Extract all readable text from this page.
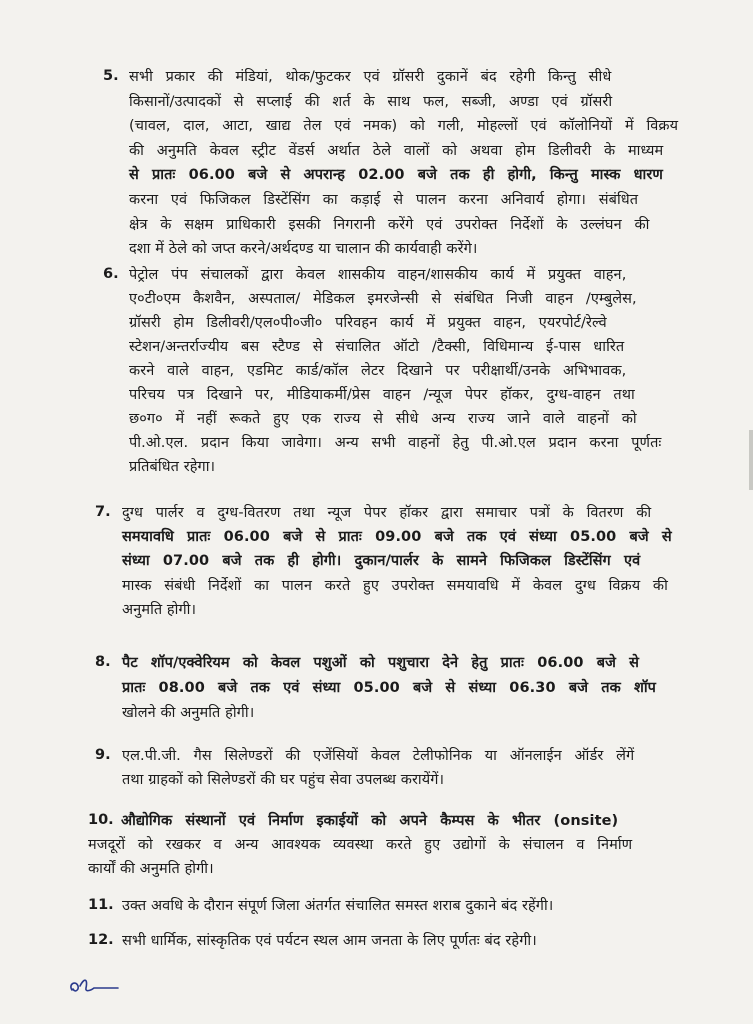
5. सभी प्रकार की मंडियां, थोक/फुटकर एवं ग्रॉसरी दुकानें बंद रहेगी किन्तु सीधे
किसानों/उत्पादकों से सप्लाई की शर्त के साथ फल, सब्जी, अण्डा एवं ग्रॉसरी
(चावल, दाल, आटा, खाद्य तेल एवं नमक) को गली, मोहल्लों एवं कॉलोनियों में विक्रय
की अनुमति केवल स्ट्रीट वेंडर्स अर्थात ठेले वालों को अथवा होम डिलीवरी के माध्यम
से प्रातः 06.00 बजे से अपरान्ह 02.00 बजे तक ही होगी, किन्तु मास्क धारण
करना एवं फिजिकल डिस्टेंसिंग का कड़ाई से पालन करना अनिवार्य होगा। संबंधित
क्षेत्र के सक्षम प्राधिकारी इसकी निगरानी करेंगे एवं उपरोक्त निर्देशों के उल्लंघन की
दशा में ठेले को जप्त करने/अर्थदण्ड या चालान की कार्यवाही करेंगे।
6. पेट्रोल पंप संचालकों द्वारा केवल शासकीय वाहन/शासकीय कार्य में प्रयुक्त वाहन,
ए०टी०एम कैशवैन, अस्पताल/ मेडिकल इमरजेन्सी से संबंधित निजी वाहन /एम्बुलेस,
ग्रॉसरी होम डिलीवरी/एल०पी०जी० परिवहन कार्य में प्रयुक्त वाहन, एयरपोर्ट/रेल्वे
स्टेशन/अन्तर्राज्यीय बस स्टैण्ड से संचालित ऑटो /टैक्सी, विधिमान्य ई-पास धारित
करने वाले वाहन, एडमिट कार्ड/कॉल लेटर दिखाने पर परीक्षार्थी/उनके अभिभावक,
परिचय पत्र दिखाने पर, मीडियाकर्मी/प्रेस वाहन /न्यूज पेपर हॉकर, दुग्ध-वाहन तथा
छ०ग० में नहीं रूकते हुए एक राज्य से सीधे अन्य राज्य जाने वाले वाहनों को
पी.ओ.एल. प्रदान किया जावेगा। अन्य सभी वाहनों हेतु पी.ओ.एल प्रदान करना पूर्णतः
प्रतिबंधित रहेगा।
7. दुग्ध पार्लर व दुग्ध-वितरण तथा न्यूज पेपर हॉकर द्वारा समाचार पत्रों के वितरण की
समयावधि प्रातः 06.00 बजे से प्रातः 09.00 बजे तक एवं संध्या 05.00 बजे से
संध्या 07.00 बजे तक ही होगी। दुकान/पार्लर के सामने फिजिकल डिस्टेंसिंग एवं
मास्क संबंधी निर्देशों का पालन करते हुए उपरोक्त समयावधि में केवल दुग्ध विक्रय की
अनुमति होगी।
8. पैट शॉप/एक्वेरियम को केवल पशुओं को पशुचारा देने हेतु प्रातः 06.00 बजे से
प्रातः 08.00 बजे तक एवं संध्या 05.00 बजे से संध्या 06.30 बजे तक शॉप
खोलने की अनुमति होगी।
9. एल.पी.जी. गैस सिलेण्डरों की एजेंसियों केवल टेलीफोनिक या ऑनलाईन ऑर्डर लेंगें
तथा ग्राहकों को सिलेण्डरों की घर पहुंच सेवा उपलब्ध करायेंगें।
10. औद्योगिक संस्थानों एवं निर्माण इकाईयों को अपने कैम्पस के भीतर (onsite)
मजदूरों को रखकर व अन्य आवश्यक व्यवस्था करते हुए उद्योगों के संचालन व निर्माण
कार्यों की अनुमति होगी।
11. उक्त अवधि के दौरान संपूर्ण जिला अंतर्गत संचालित समस्त शराब दुकाने बंद रहेंगी।
12. सभी धार्मिक, सांस्कृतिक एवं पर्यटन स्थल आम जनता के लिए पूर्णतः बंद रहेगी।
